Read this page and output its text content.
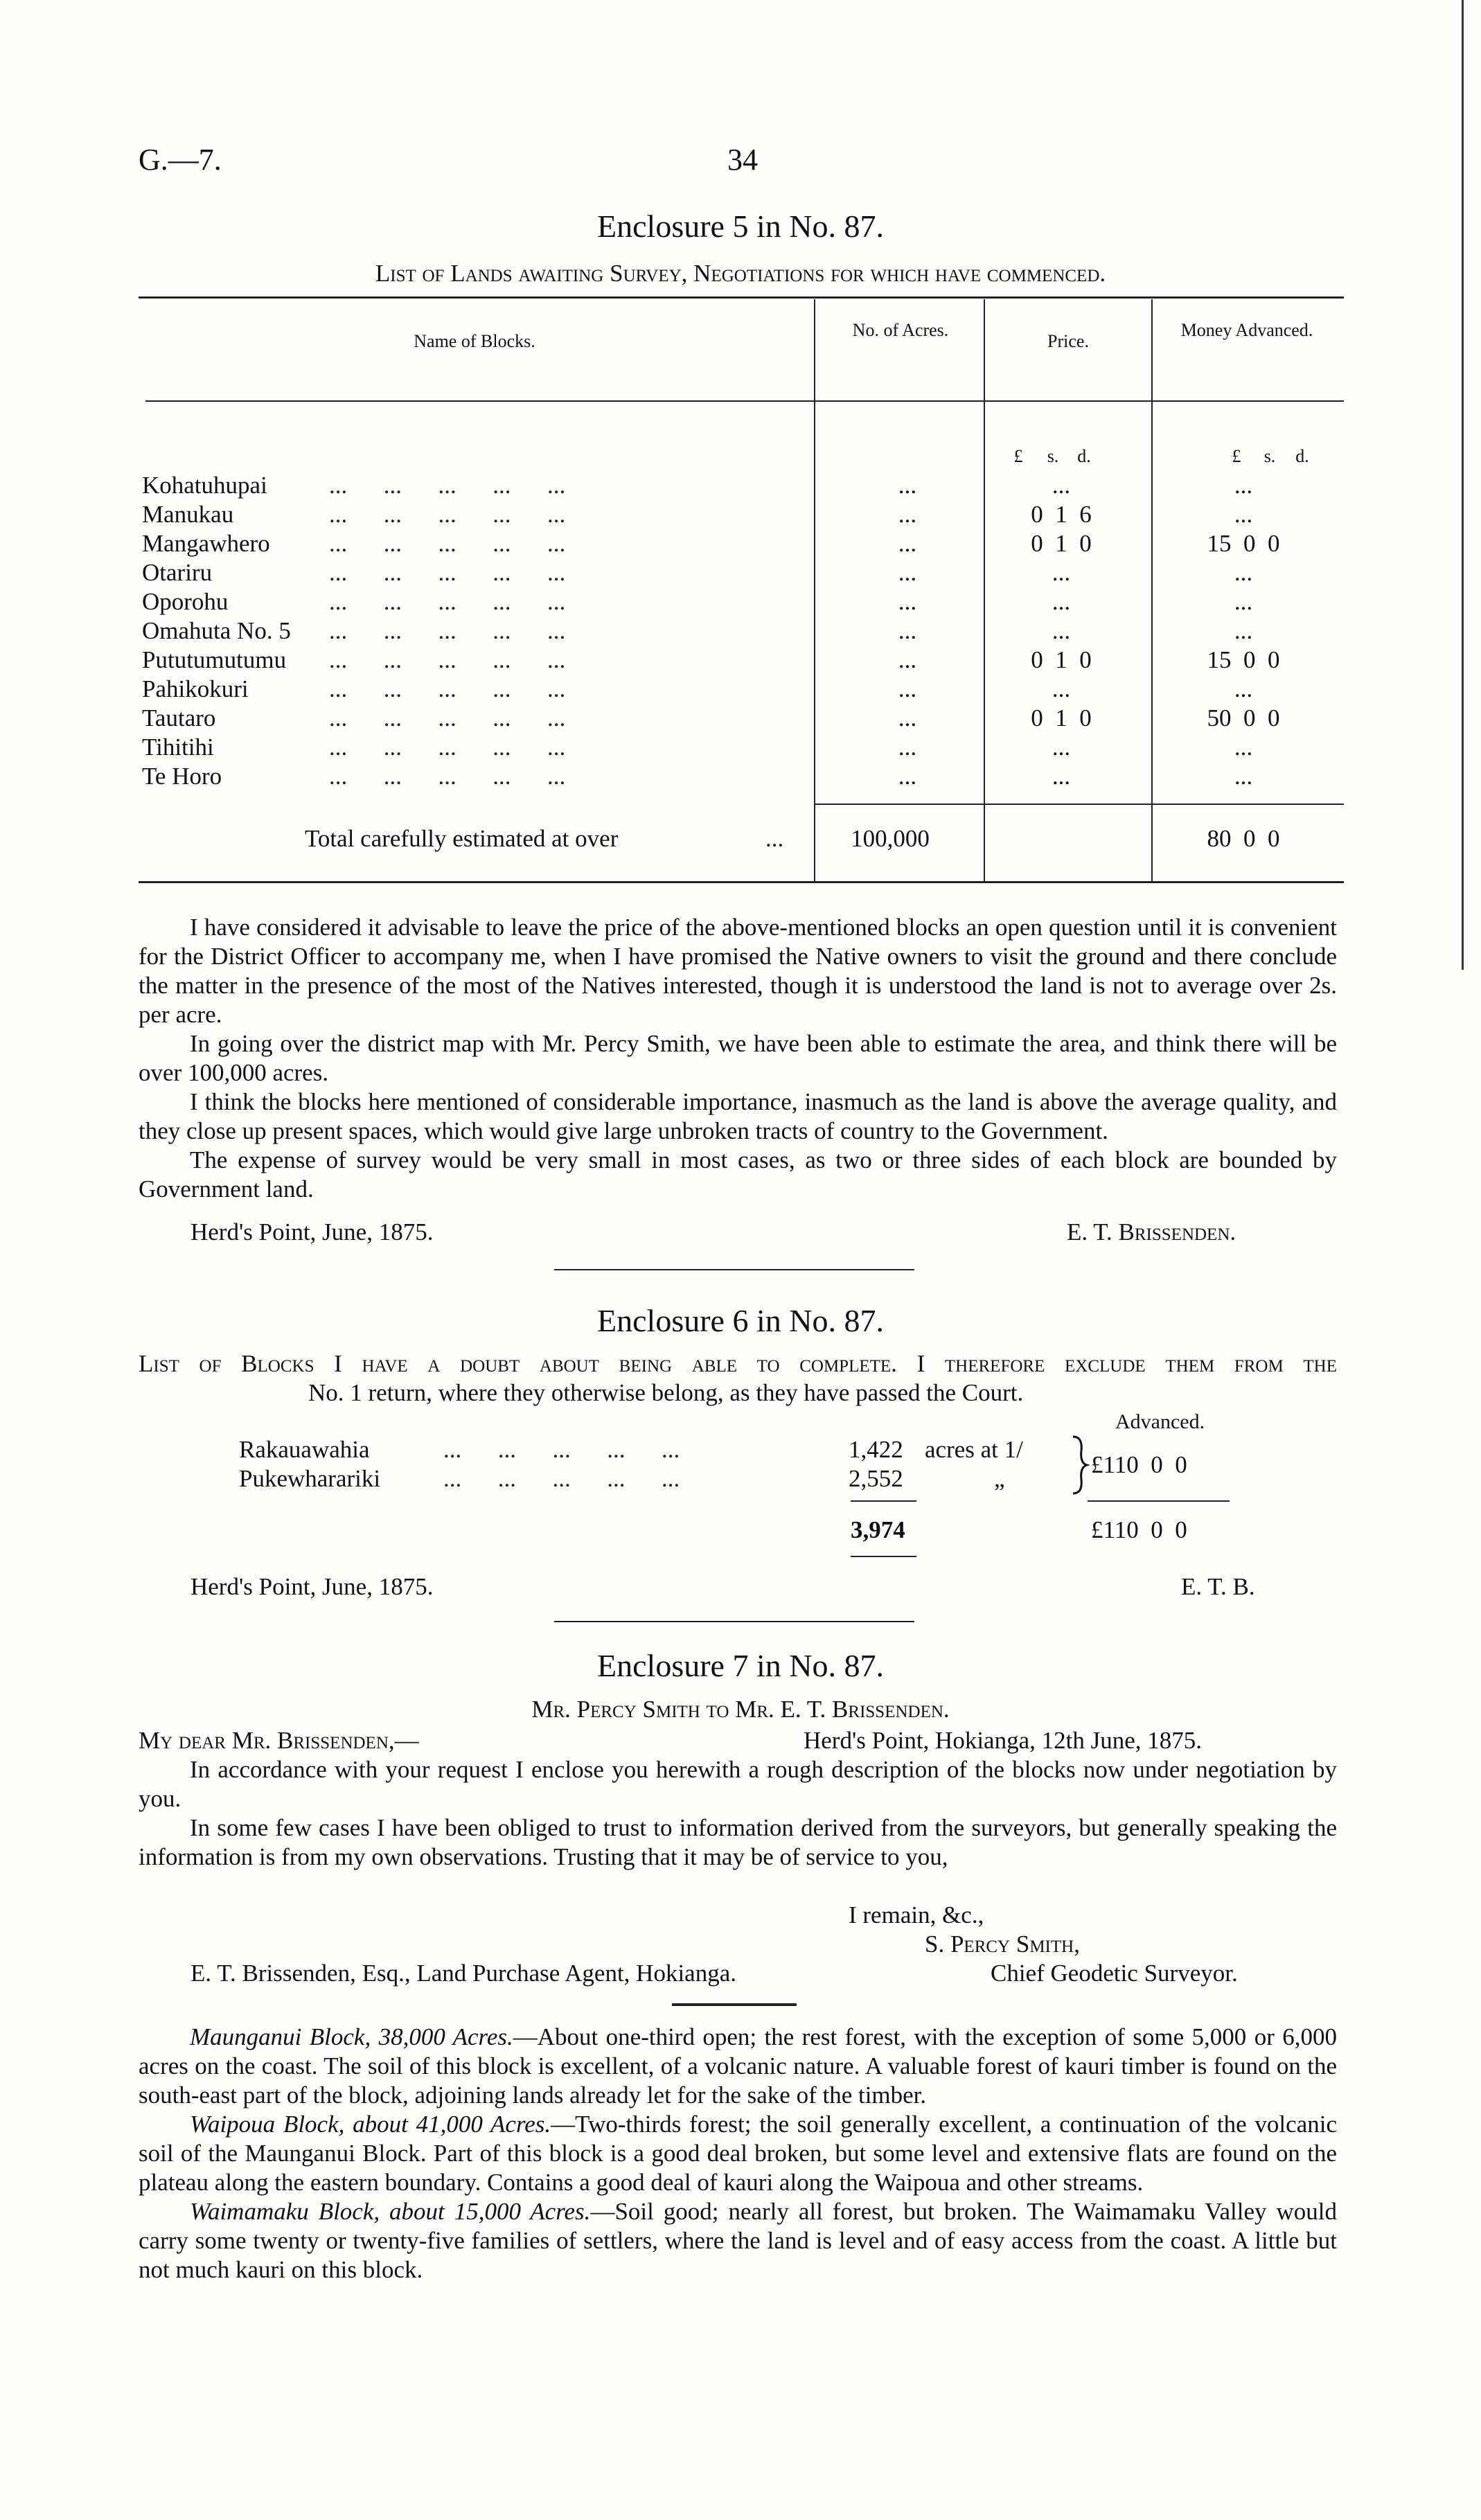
G.—7.	34
Enclosure 5 in No. 87.
List of Lands awaiting Survey, Negotiations for which have commenced.
Name of Blocks.
No. of Acres.
Price.
Money Advanced.
£	s.	d.	£	s.	d.
Kohatuhupai	...      ...      ...      ...      ...	...	...	...
Manukau	...      ...      ...      ...      ...	...	0  1  6	...
Mangawhero ...      ...      ...      ...      ...	...	0  1  0	15  0  0
Otariru	...      ...      ...      ...      ...	...	...	...
Oporohu	...      ...      ...      ...      ...	...	...	...
Omahuta No. 5 ...      ...      ...      ...      ...	...	...	...
Pututumutumu ...      ...      ...      ...      ...	...	0  1  0	15  0  0
Pahikokuri	...      ...      ...      ...      ...	...	...	...
Tautaro	...      ...      ...      ...      ...	...	0  1  0	50  0  0
Tihitihi	...      ...      ...      ...      ...	...	...	...
Te Horo	...      ...      ...      ...      ...	...	...	...
Total carefully estimated at over	...	100,000	80  0  0

I have considered it advisable to leave the price of the above-mentioned blocks an open question until it is convenient for the District Officer to accompany me, when I have promised the Native owners to visit the ground and there conclude the matter in the presence of the most of the Natives interested, though it is understood the land is not to average over 2s. per acre.

In going over the district map with Mr. Percy Smith, we have been able to estimate the area, and think there will be over 100,000 acres.

I think the blocks here mentioned of considerable importance, inasmuch as the land is above the average quality, and they close up present spaces, which would give large unbroken tracts of country to the Government.

The expense of survey would be very small in most cases, as two or three sides of each block are bounded by Government land.

Herd's Point, June, 1875.	E. T. Brissenden.
Enclosure 6 in No. 87.
List of Blocks I have a doubt about being able to complete. I therefore exclude them from the
No. 1 return, where they otherwise belong, as they have passed the Court.
Advanced.
Rakauawahia	...      ...      ...      ...      ...	1,422 acres at 1/
Pukewharariki	...      ...      ...      ...      ...	2,552	„
£110  0  0
3,974	£110  0  0
Herd's Point, June, 1875.	E. T. B.
Enclosure 7 in No. 87.
Mr. Percy Smith to Mr. E. T. Brissenden.
My dear Mr. Brissenden,—	Herd's Point, Hokianga, 12th June, 1875.

In accordance with your request I enclose you herewith a rough description of the blocks now under negotiation by you.

In some few cases I have been obliged to trust to information derived from the surveyors, but generally speaking the information is from my own observations. Trusting that it may be of service to you,

I remain, &c.,
S. Percy Smith,
E. T. Brissenden, Esq., Land Purchase Agent, Hokianga.	Chief Geodetic Surveyor.

Maunganui Block, 38,000 Acres.—About one-third open; the rest forest, with the exception of some 5,000 or 6,000 acres on the coast. The soil of this block is excellent, of a volcanic nature. A valuable forest of kauri timber is found on the south-east part of the block, adjoining lands already let for the sake of the timber.

Waipoua Block, about 41,000 Acres.—Two-thirds forest; the soil generally excellent, a continuation of the volcanic soil of the Maunganui Block. Part of this block is a good deal broken, but some level and extensive flats are found on the plateau along the eastern boundary. Contains a good deal of kauri along the Waipoua and other streams.

Waimamaku Block, about 15,000 Acres.—Soil good; nearly all forest, but broken. The Waimamaku Valley would carry some twenty or twenty-five families of settlers, where the land is level and of easy access from the coast. A little but not much kauri on this block.
